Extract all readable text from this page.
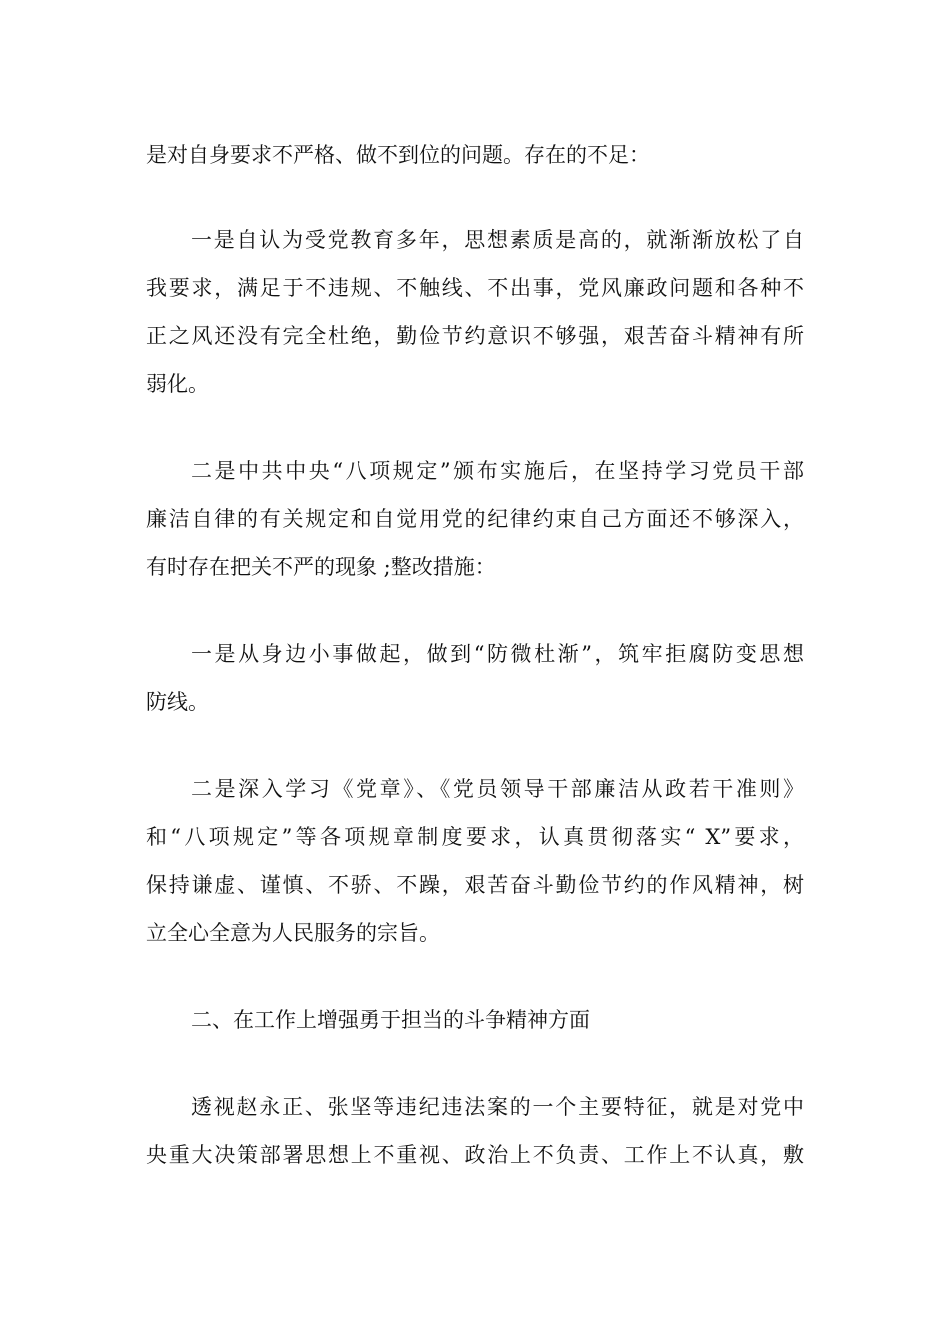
是对自身要求不严格、做不到位的问题。存在的不足：
一是自认为受党教育多年，思想素质是高的，就渐渐放松了自
我要求，满足于不违规、不触线、不出事，党风廉政问题和各种不
正之风还没有完全杜绝，勤俭节约意识不够强，艰苦奋斗精神有所
弱化。
二是中共中央“八项规定”颁布实施后，在坚持学习党员干部
廉洁自律的有关规定和自觉用党的纪律约束自己方面还不够深入，
有时存在把关不严的现象 ;整改措施：
一是从身边小事做起，做到“防微杜渐”，筑牢拒腐防变思想
防线。
二是深入学习《党章》、《党员领导干部廉洁从政若干准则》
和“八项规定”等各项规章制度要求，认真贯彻落实“ X”要求，
保持谦虚、谨慎、不骄、不躁，艰苦奋斗勤俭节约的作风精神，树
立全心全意为人民服务的宗旨。
二、在工作上增强勇于担当的斗争精神方面
透视赵永正、张坚等违纪违法案的一个主要特征，就是对党中
央重大决策部署思想上不重视、政治上不负责、工作上不认真，敷
